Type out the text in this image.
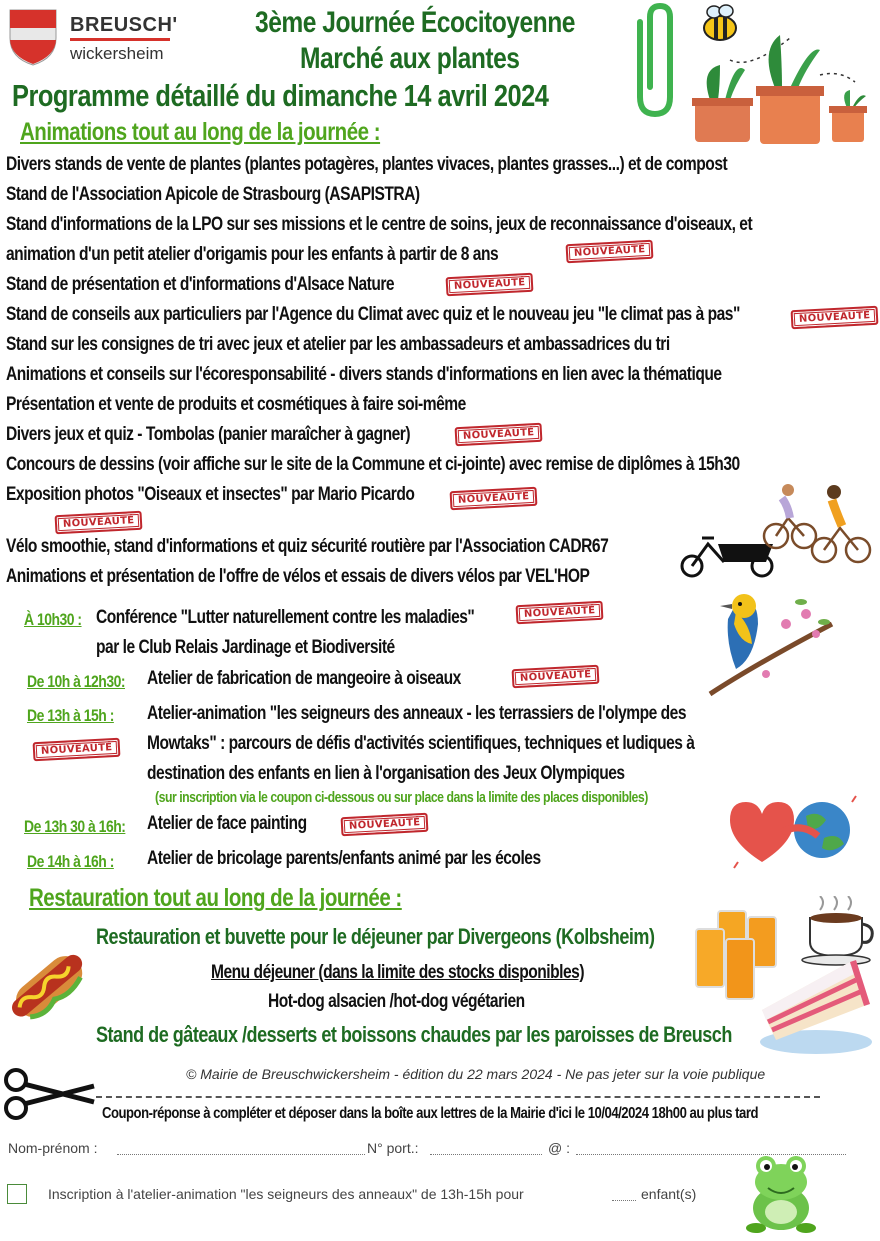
BREUSCH'
wickersheim
3ème Journée Écocitoyenne
Marché aux plantes
Programme détaillé du dimanche 14 avril 2024
Animations tout au long de la journée :
Divers stands de vente de plantes (plantes potagères, plantes vivaces, plantes grasses...) et de compost
Stand de l'Association Apicole de Strasbourg (ASAPISTRA)
Stand d'informations de la LPO sur ses missions et le centre de soins, jeux de reconnaissance d'oiseaux, et
animation d'un petit atelier d'origamis pour les enfants à partir de 8 ans	NOUVEAUTÉ
Stand de présentation et d'informations d'Alsace Nature	NOUVEAUTÉ
Stand de conseils aux particuliers par l'Agence du Climat avec quiz et le nouveau jeu "le climat pas à pas"	NOUVEAUTÉ
Stand sur les consignes de tri avec jeux et atelier par les ambassadeurs et ambassadrices du tri
Animations et conseils sur l'écoresponsabilité - divers stands d'informations en lien avec la thématique
Présentation et vente de produits et cosmétiques à faire soi-même
Divers jeux et quiz - Tombolas (panier maraîcher à gagner)	NOUVEAUTÉ
Concours de dessins (voir affiche sur le site de la Commune et ci-jointe) avec remise de diplômes à 15h30
Exposition photos "Oiseaux et insectes" par Mario Picardo	NOUVEAUTÉ
NOUVEAUTÉ
Vélo smoothie, stand d'informations et quiz sécurité routière par l'Association CADR67
Animations et présentation de l'offre de vélos et essais de divers vélos par VEL'HOP
À 10h30 : Conférence "Lutter naturellement contre les maladies"	NOUVEAUTÉ
par le Club Relais Jardinage et Biodiversité
De 10h à 12h30: Atelier de fabrication de mangeoire à oiseaux	NOUVEAUTÉ
De 13h à 15h : Atelier-animation "les seigneurs des anneaux - les terrassiers de l'olympe des
NOUVEAUTÉ	Mowtaks" : parcours de défis d'activités scientifiques, techniques et ludiques à
destination des enfants en lien à l'organisation des Jeux Olympiques
(sur inscription via le coupon ci-dessous ou sur place dans la limite des places disponibles)
De 13h 30 à 16h: Atelier de face painting	NOUVEAUTÉ
De 14h à 16h : Atelier de bricolage parents/enfants animé par les écoles
Restauration tout au long de la journée :
Restauration et buvette pour le déjeuner par Divergeons (Kolbsheim)
Menu déjeuner (dans la limite des stocks disponibles)
Hot-dog alsacien /hot-dog végétarien
Stand de gâteaux /desserts et boissons chaudes par les paroisses de Breusch
© Mairie de Breuschwickersheim - édition du 22 mars 2024 - Ne pas jeter sur la voie publique
Coupon-réponse à compléter et déposer dans la boîte aux lettres de la Mairie d'ici le 10/04/2024 18h00 au plus tard
Nom-prénom :	N° port.:	@ :
Inscription à l'atelier-animation "les seigneurs des anneaux" de 13h-15h pour	enfant(s)
